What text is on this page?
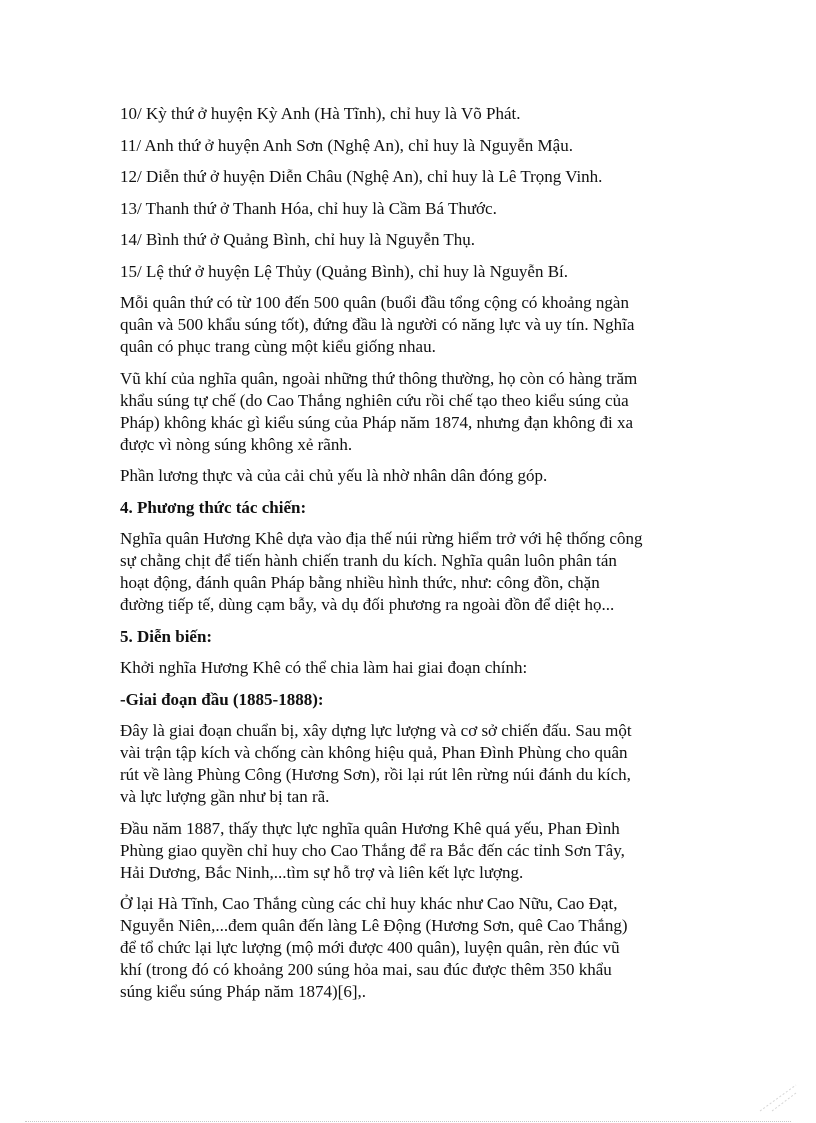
10/ Kỳ thứ ở huyện Kỳ Anh (Hà Tĩnh), chỉ huy là Võ Phát.

11/ Anh thứ ở huyện Anh Sơn (Nghệ An), chỉ huy là Nguyễn Mậu.

12/ Diễn thứ ở huyện Diễn Châu (Nghệ An), chỉ huy là Lê Trọng Vinh.

13/ Thanh thứ ở Thanh Hóa, chỉ huy là Cầm Bá Thước.

14/ Bình thứ ở Quảng Bình, chỉ huy là Nguyễn Thụ.

15/ Lệ thứ ở huyện Lệ Thủy (Quảng Bình), chỉ huy là Nguyễn Bí.

Mỗi quân thứ có từ 100 đến 500 quân (buổi đầu tổng cộng có khoảng ngàn
quân và 500 khẩu súng tốt), đứng đầu là người có năng lực và uy tín. Nghĩa
quân có phục trang cùng một kiểu giống nhau.
Vũ khí của nghĩa quân, ngoài những thứ thông thường, họ còn có hàng trăm
khẩu súng tự chế (do Cao Thắng nghiên cứu rồi chế tạo theo kiểu súng của
Pháp) không khác gì kiểu súng của Pháp năm 1874, nhưng đạn không đi xa
được vì nòng súng không xẻ rãnh.

Phần lương thực và của cải chủ yếu là nhờ nhân dân đóng góp.

4. Phương thức tác chiến:

Nghĩa quân Hương Khê dựa vào địa thế núi rừng hiểm trở với hệ thống công
sự chằng chịt để tiến hành chiến tranh du kích. Nghĩa quân luôn phân tán
hoạt động, đánh quân Pháp bằng nhiều hình thức, như: công đồn, chặn
đường tiếp tế, dùng cạm bẫy, và dụ đối phương ra ngoài đồn để diệt họ...

5. Diễn biến:

Khởi nghĩa Hương Khê có thể chia làm hai giai đoạn chính:

-Giai đoạn đầu (1885-1888):

Đây là giai đoạn chuẩn bị, xây dựng lực lượng và cơ sở chiến đấu. Sau một
vài trận tập kích và chống càn không hiệu quả, Phan Đình Phùng cho quân
rút về làng Phùng Công (Hương Sơn), rồi lại rút lên rừng núi đánh du kích,
và lực lượng gần như bị tan rã.
Đầu năm 1887, thấy thực lực nghĩa quân Hương Khê quá yếu, Phan Đình
Phùng giao quyền chỉ huy cho Cao Thắng để ra Bắc đến các tỉnh Sơn Tây,
Hải Dương, Bắc Ninh,...tìm sự hỗ trợ và liên kết lực lượng.
Ở lại Hà Tĩnh, Cao Thắng cùng các chỉ huy khác như Cao Nữu, Cao Đạt,
Nguyễn Niên,...đem quân đến làng Lê Động (Hương Sơn, quê Cao Thắng)
để tổ chức lại lực lượng (mộ mới được 400 quân), luyện quân, rèn đúc vũ
khí (trong đó có khoảng 200 súng hỏa mai, sau đúc được thêm 350 khẩu
súng kiểu súng Pháp năm 1874)[6],.
